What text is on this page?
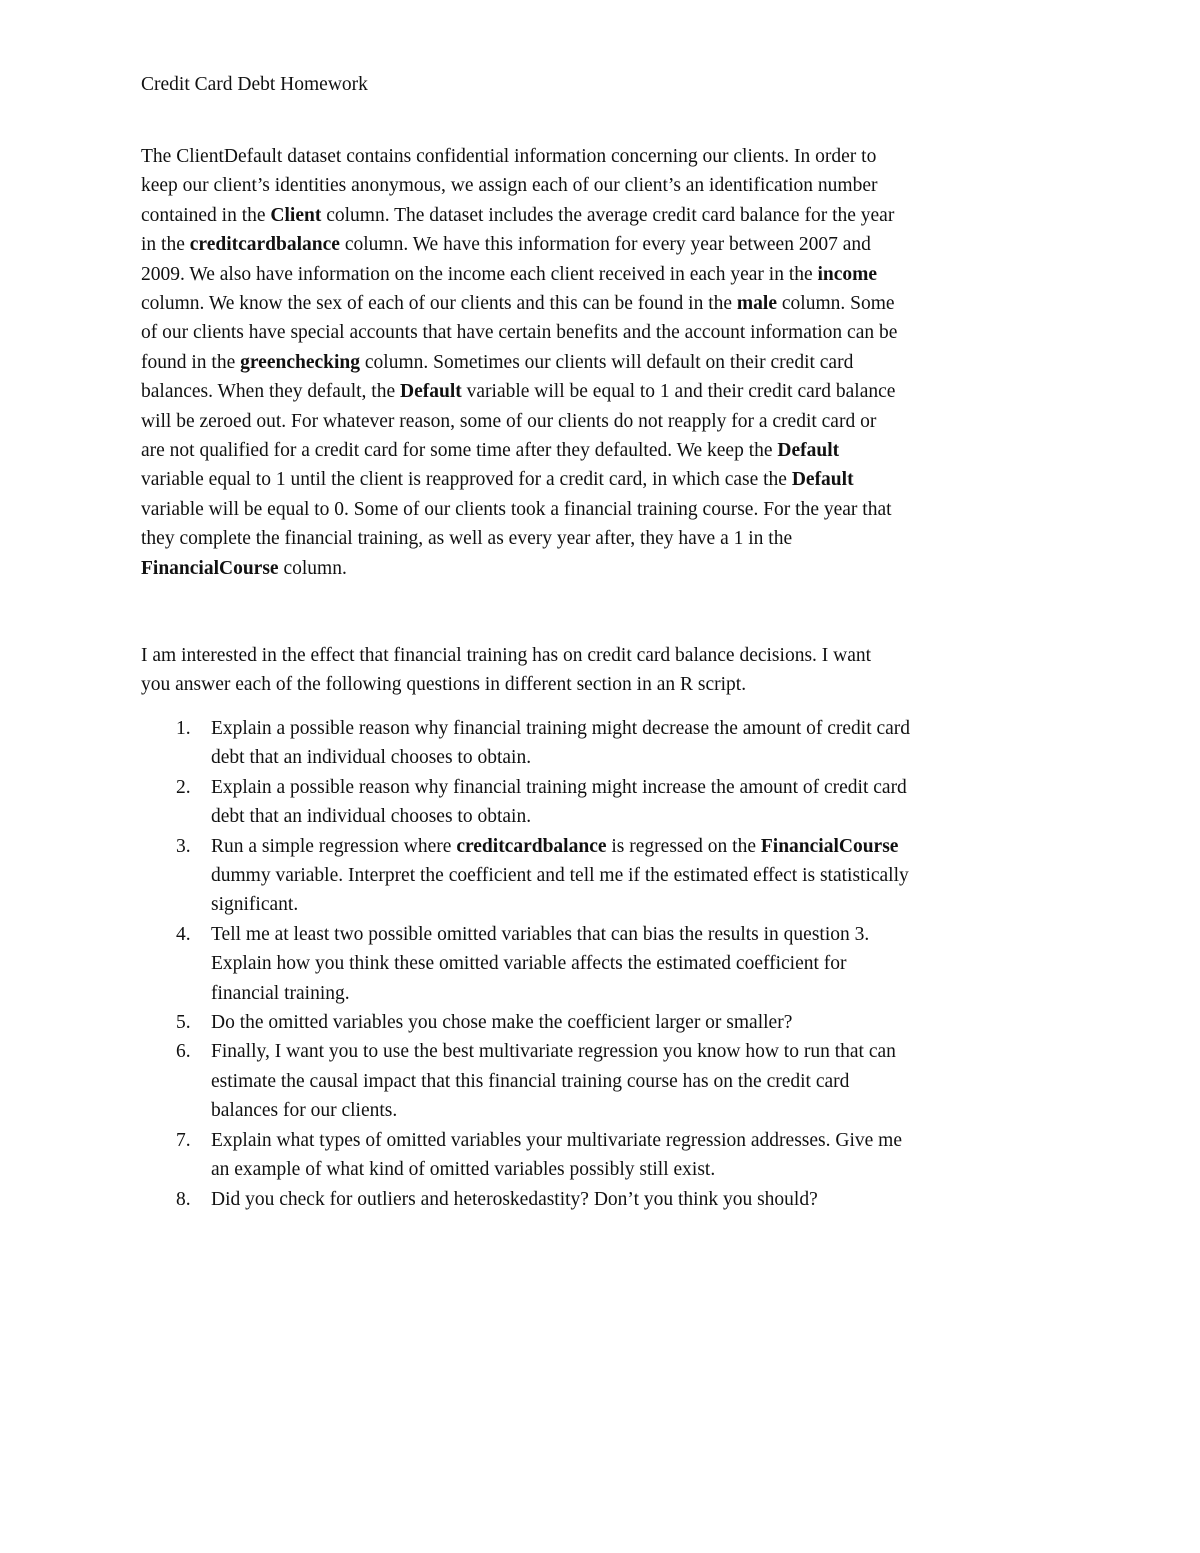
Credit Card Debt Homework
The ClientDefault dataset contains confidential information concerning our clients. In order to
keep our client’s identities anonymous, we assign each of our client’s an identification number
contained in the Client column. The dataset includes the average credit card balance for the year
in the creditcardbalance column. We have this information for every year between 2007 and
2009. We also have information on the income each client received in each year in the income
column. We know the sex of each of our clients and this can be found in the male column. Some
of our clients have special accounts that have certain benefits and the account information can be
found in the greenchecking column. Sometimes our clients will default on their credit card
balances. When they default, the Default variable will be equal to 1 and their credit card balance
will be zeroed out. For whatever reason, some of our clients do not reapply for a credit card or
are not qualified for a credit card for some time after they defaulted. We keep the Default
variable equal to 1 until the client is reapproved for a credit card, in which case the Default
variable will be equal to 0. Some of our clients took a financial training course. For the year that
they complete the financial training, as well as every year after, they have a 1 in the
FinancialCourse column.
I am interested in the effect that financial training has on credit card balance decisions. I want
you answer each of the following questions in different section in an R script.
1. Explain a possible reason why financial training might decrease the amount of credit card
debt that an individual chooses to obtain.
2. Explain a possible reason why financial training might increase the amount of credit card
debt that an individual chooses to obtain.
3. Run a simple regression where creditcardbalance is regressed on the FinancialCourse
dummy variable. Interpret the coefficient and tell me if the estimated effect is statistically
significant.
4. Tell me at least two possible omitted variables that can bias the results in question 3.
Explain how you think these omitted variable affects the estimated coefficient for
financial training.
5. Do the omitted variables you chose make the coefficient larger or smaller?
6. Finally, I want you to use the best multivariate regression you know how to run that can
estimate the causal impact that this financial training course has on the credit card
balances for our clients.
7. Explain what types of omitted variables your multivariate regression addresses. Give me
an example of what kind of omitted variables possibly still exist.
8. Did you check for outliers and heteroskedastity? Don’t you think you should?
